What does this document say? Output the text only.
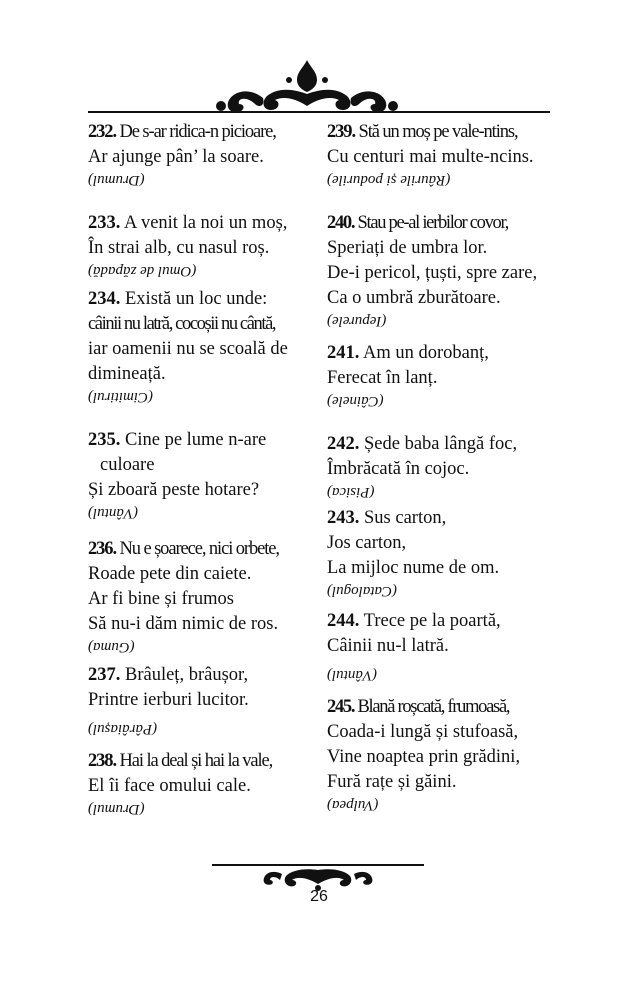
232. De s-ar ridica-n picioare,
Ar ajunge pân’ la soare.
(Drumul)
233. A venit la noi un moș,
În strai alb, cu nasul roș.
(Omul de zăpadă)
234. Există un loc unde:
câinii nu latră, cocoșii nu cântă,
iar oamenii nu se scoală de
dimineață.
(Cimitirul)
235. Cine pe lume n-are
culoare
Și zboară peste hotare?
(Vântul)
236. Nu e șoarece, nici orbete,
Roade pete din caiete.
Ar fi bine și frumos
Să nu-i dăm nimic de ros.
(Guma)
237. Brâuleț, brâușor,
Printre ierburi lucitor.
(Pârâiașul)
238. Hai la deal și hai la vale,
El îi face omului cale.
(Drumul)
239. Stă un moș pe vale-ntins,
Cu centuri mai multe-ncins.
(Râurile și podurile)
240. Stau pe-al ierbilor covor,
Speriați de umbra lor.
De-i pericol, țuști, spre zare,
Ca o umbră zburătoare.
(Iepurele)
241. Am un dorobanț,
Ferecat în lanț.
(Câinele)
242. Șede baba lângă foc,
Îmbrăcată în cojoc.
(Pisica)
243. Sus carton,
Jos carton,
La mijloc nume de om.
(Catalogul)
244. Trece pe la poartă,
Câinii nu-l latră.
(Vântul)
245. Blană roșcată, frumoasă,
Coada-i lungă și stufoasă,
Vine noaptea prin grădini,
Fură rațe și găini.
(Vulpea)
26
